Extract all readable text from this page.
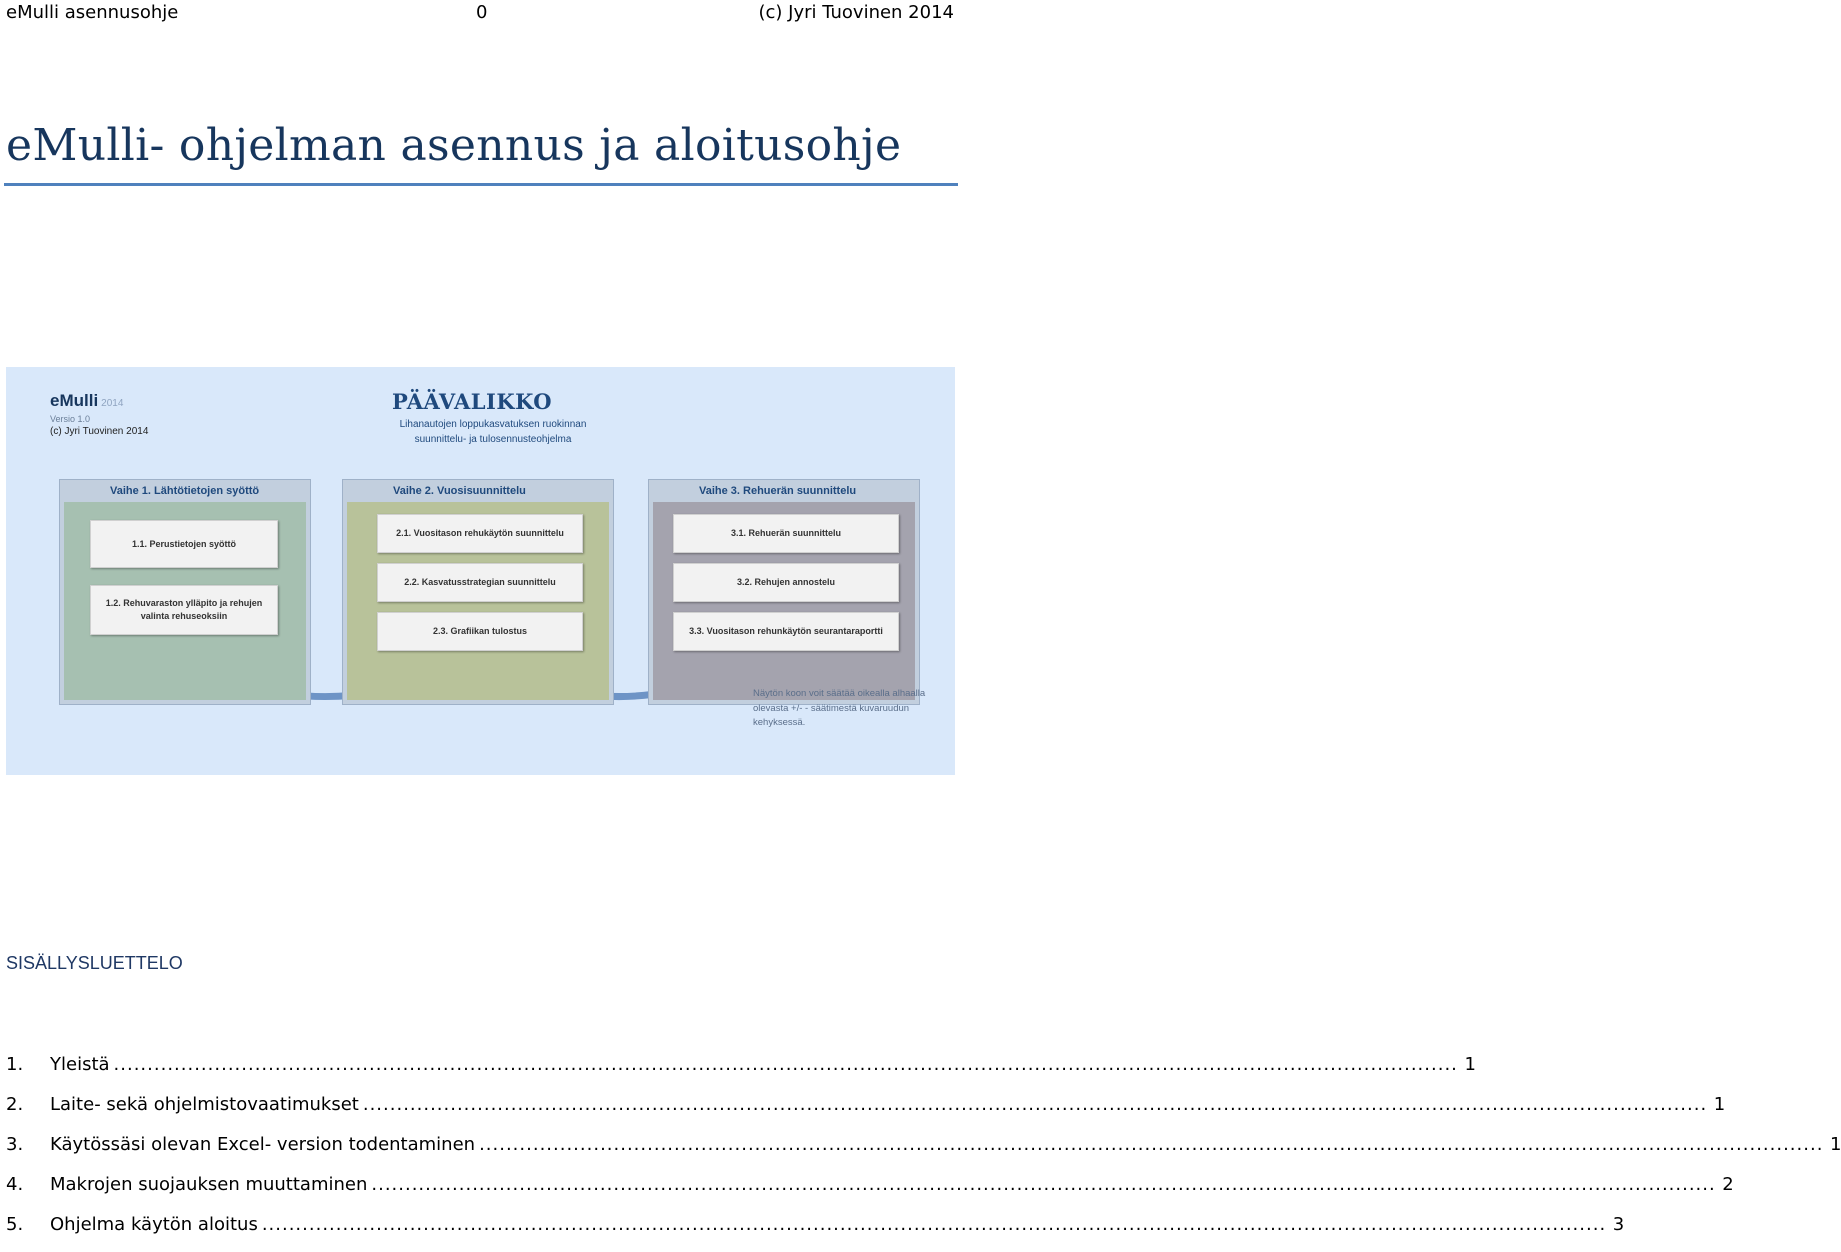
eMulli asennusohje	0	(c) Jyri Tuovinen 2014
eMulli- ohjelman asennus ja aloitusohje
eMulli 2014
Versio 1.0
(c) Jyri Tuovinen 2014
PÄÄVALIKKO
Lihanautojen loppukasvatuksen ruokinnan
suunnittelu- ja tulosennusteohjelma
Vaihe 1. Lähtötietojen syöttö
1.1. Perustietojen syöttö
1.2. Rehuvaraston ylläpito ja rehujen valinta rehuseoksiin
Vaihe 2. Vuosisuunnittelu
2.1. Vuositason rehukäytön suunnittelu
2.2. Kasvatusstrategian suunnittelu
2.3. Grafiikan tulostus
Vaihe 3. Rehuerän suunnittelu
3.1. Rehuerän suunnittelu
3.2. Rehujen annostelu
3.3. Vuositason rehunkäytön seurantaraportti
Näytön koon voit säätää oikealla alhaalla olevasta +/- - säätimestä kuvaruudun kehyksessä.
SISÄLLYSLUETTELO
1.	Yleistä ........................................................................................................................................................................................................ 1
2.	Laite- sekä ohjelmistovaatimukset ........................................................................................................................................................................................................ 1
3.	Käytössäsi olevan Excel- version todentaminen ........................................................................................................................................................................................................ 1
4.	Makrojen suojauksen muuttaminen ........................................................................................................................................................................................................ 2
5.	Ohjelma käytön aloitus ........................................................................................................................................................................................................ 3
